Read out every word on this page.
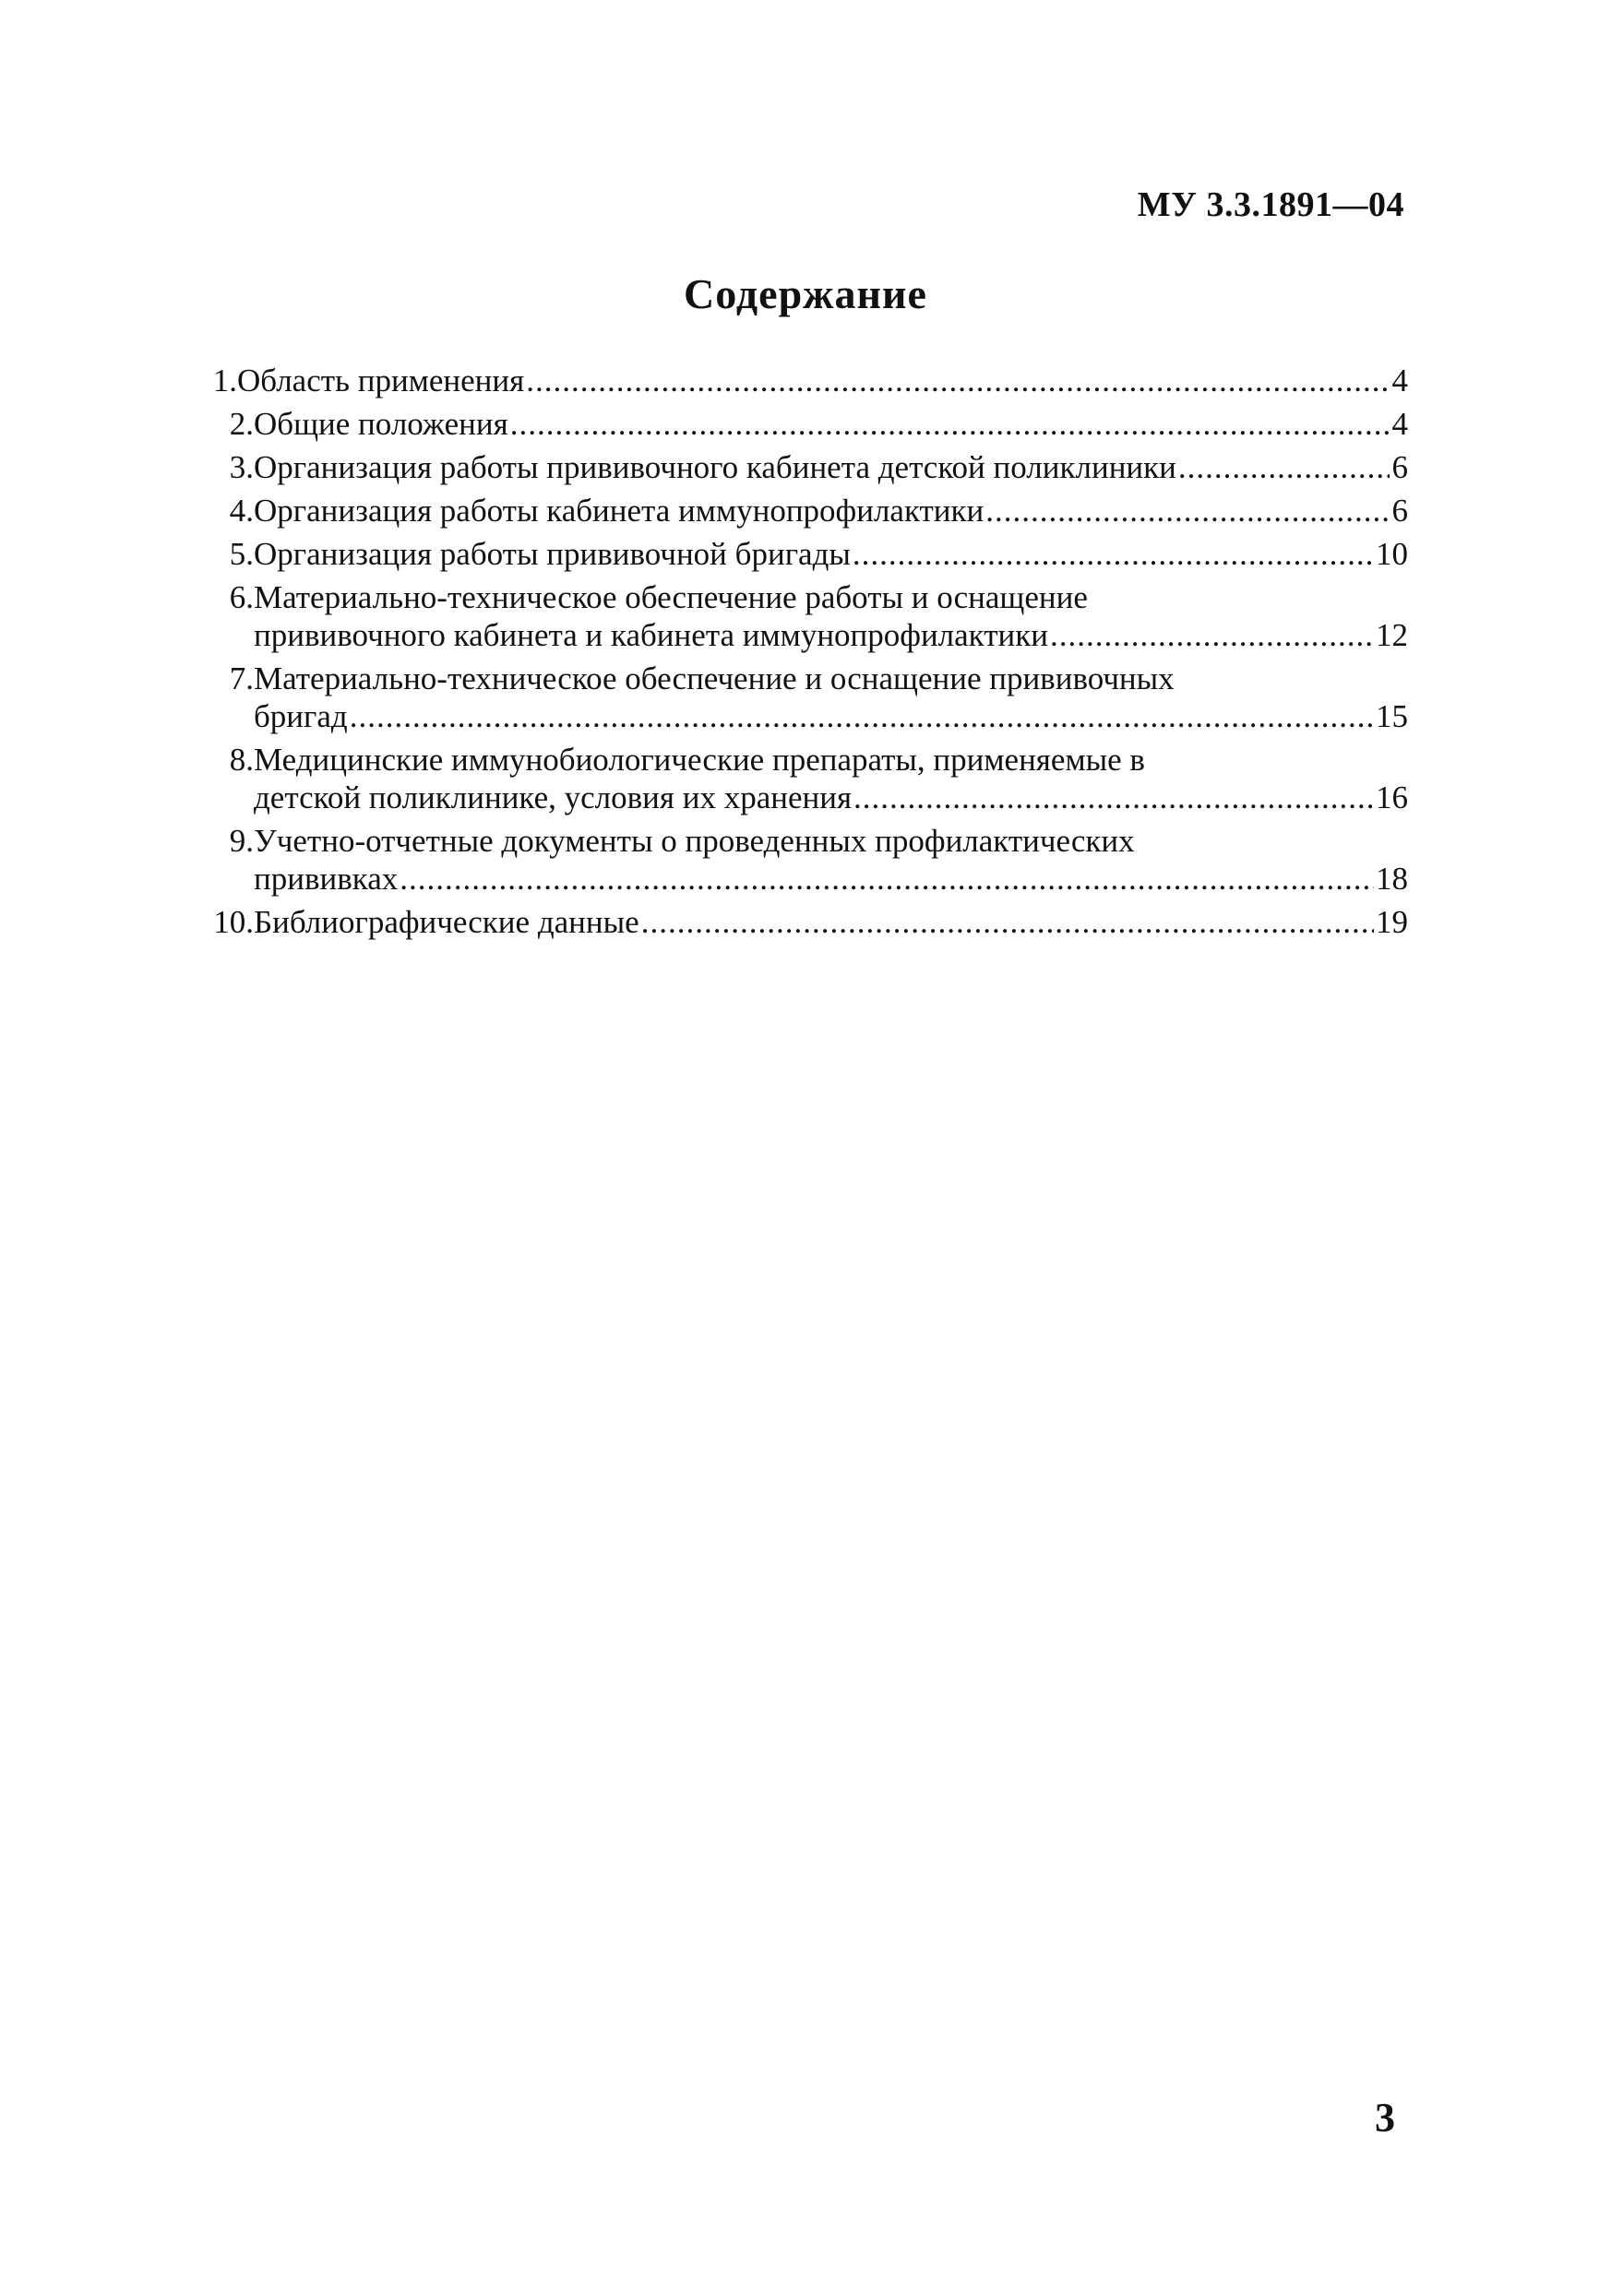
МУ 3.3.1891—04
Содержание
1. Область применения .....	4
2. Общие положения .....	4
3. Организация работы прививочного кабинета детской поликлиники .....	6
4. Организация работы кабинета иммунопрофилактики .....	6
5. Организация работы прививочной бригады .....	10
6. Материально-техническое обеспечение работы и оснащение
прививочного кабинета и кабинета иммунопрофилактики .....	12
7. Материально-техническое обеспечение и оснащение прививочных
бригад .....	15
8. Медицинские иммунобиологические препараты, применяемые в
детской поликлинике, условия их хранения .....	16
9. Учетно-отчетные документы о проведенных профилактических
прививках .....	18
10. Библиографические данные .....	19
3
